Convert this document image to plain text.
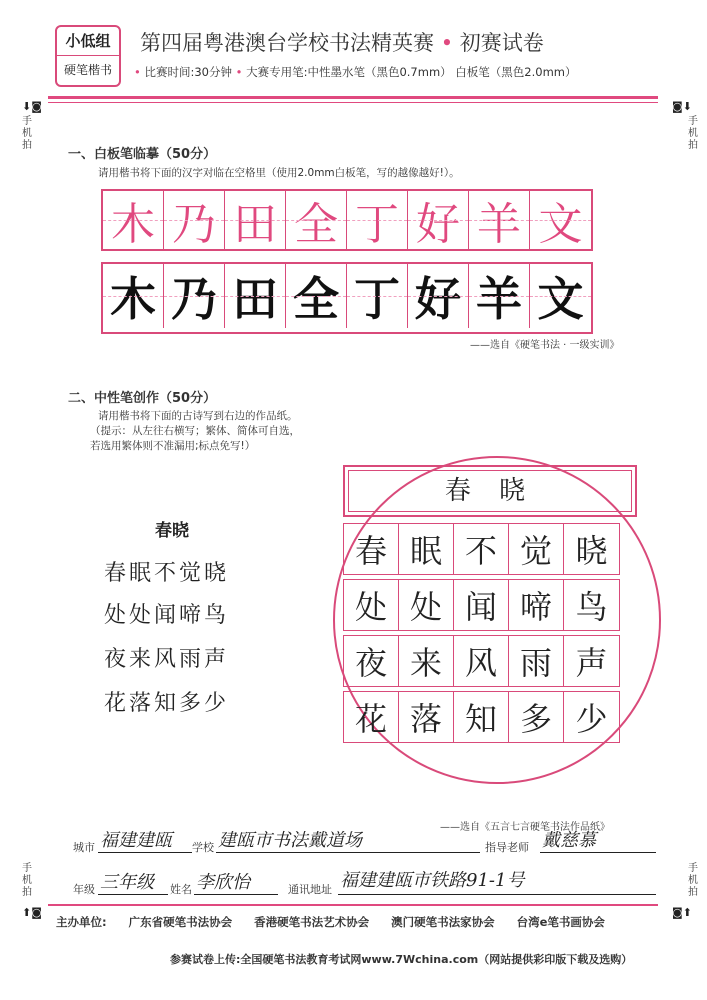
小低组
硬笔楷书
第四届粤港澳台学校书法精英赛 • 初赛试卷
• 比赛时间:30分钟 • 大赛专用笔:中性墨水笔（黑色0.7mm） 白板笔（黑色2.0mm）
⬇◙
手
机
拍
◙⬇
手
机
拍
手
机
拍
⬆◙
手
机
拍
◙⬆
一、白板笔临摹（50分）
请用楷书将下面的汉字对临在空格里（使用2.0mm白板笔，写的越像越好!）。
木 乃 田 全 丁 好 羊 文
木 乃 田 全 丁 好 羊 文
——选自《硬笔书法 · 一级实训》
二、中性笔创作（50分）
请用楷书将下面的古诗写到右边的作品纸。
（提示：从左往右横写；繁体、简体可自选，
若选用繁体则不准漏用;标点免写!）
春晓
春眠不觉晓
处处闻啼鸟
夜来风雨声
花落知多少
春 晓
春 眠 不 觉 晓
处 处 闻 啼 鸟
夜 来 风 雨 声
花 落 知 多 少
——选自《五言七言硬笔书法作品纸》
城市 福建建瓯 学校 建瓯市书法戴道场	指导老师 戴慈慕
年级 三年级 姓名 李欣怡	通讯地址 福建建瓯市铁路91-1号
主办单位: 广东省硬笔书法协会 香港硬笔书法艺术协会 澳门硬笔书法家协会 台湾e笔书画协会
参赛试卷上传:全国硬笔书法教育考试网www.7Wchina.com（网站提供彩印版下载及选购）
